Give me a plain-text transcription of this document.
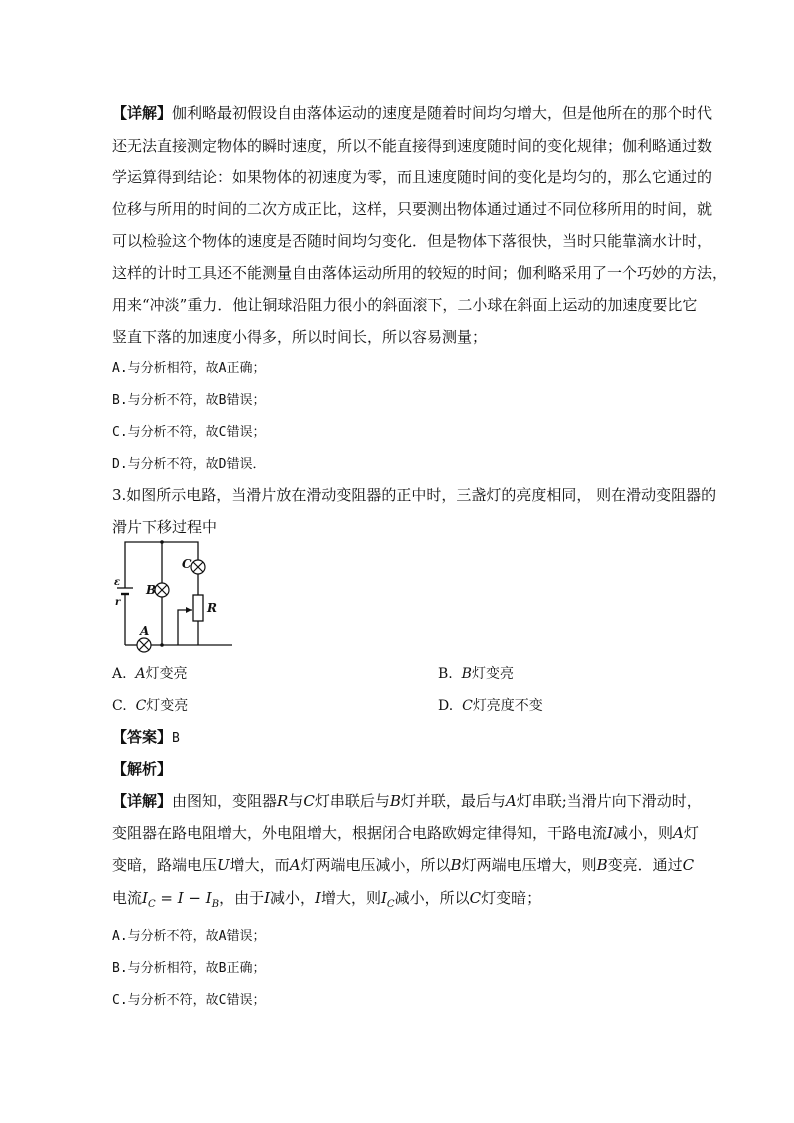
【详解】伽利略最初假设自由落体运动的速度是随着时间均匀增大，但是他所在的那个时代
还无法直接测定物体的瞬时速度，所以不能直接得到速度随时间的变化规律；伽利略通过数
学运算得到结论：如果物体的初速度为零，而且速度随时间的变化是均匀的，那么它通过的
位移与所用的时间的二次方成正比，这样，只要测出物体通过通过不同位移所用的时间，就
可以检验这个物体的速度是否随时间均匀变化．但是物体下落很快，当时只能靠滴水计时，
这样的计时工具还不能测量自由落体运动所用的较短的时间；伽利略采用了一个巧妙的方法，
用来“冲淡”重力．他让铜球沿阻力很小的斜面滚下，二小球在斜面上运动的加速度要比它
竖直下落的加速度小得多，所以时间长，所以容易测量；
A.与分析相符，故A正确；
B.与分析不符，故B错误；
C.与分析不符，故C错误；
D.与分析不符，故D错误．
3.如图所示电路，当滑片放在滑动变阻器的正中时，三盏灯的亮度相同， 则在滑动变阻器的
滑片下移过程中
ε
r
B
C
R
A
A. A灯变亮	B. B灯变亮
C. C灯变亮	D. C灯亮度不变
【答案】B
【解析】
【详解】由图知，变阻器R与C灯串联后与B灯并联，最后与A灯串联;当滑片向下滑动时，
变阻器在路电阻增大，外电阻增大，根据闭合电路欧姆定律得知，干路电流I减小，则A灯
变暗，路端电压U增大，而A灯两端电压减小，所以B灯两端电压增大，则B变亮．通过C
电流$I_C = I - I_B$，由于I减小，I增大，则$I_C$减小，所以C灯变暗；
A.与分析不符，故A错误；
B.与分析相符，故B正确；
C.与分析不符，故C错误；
